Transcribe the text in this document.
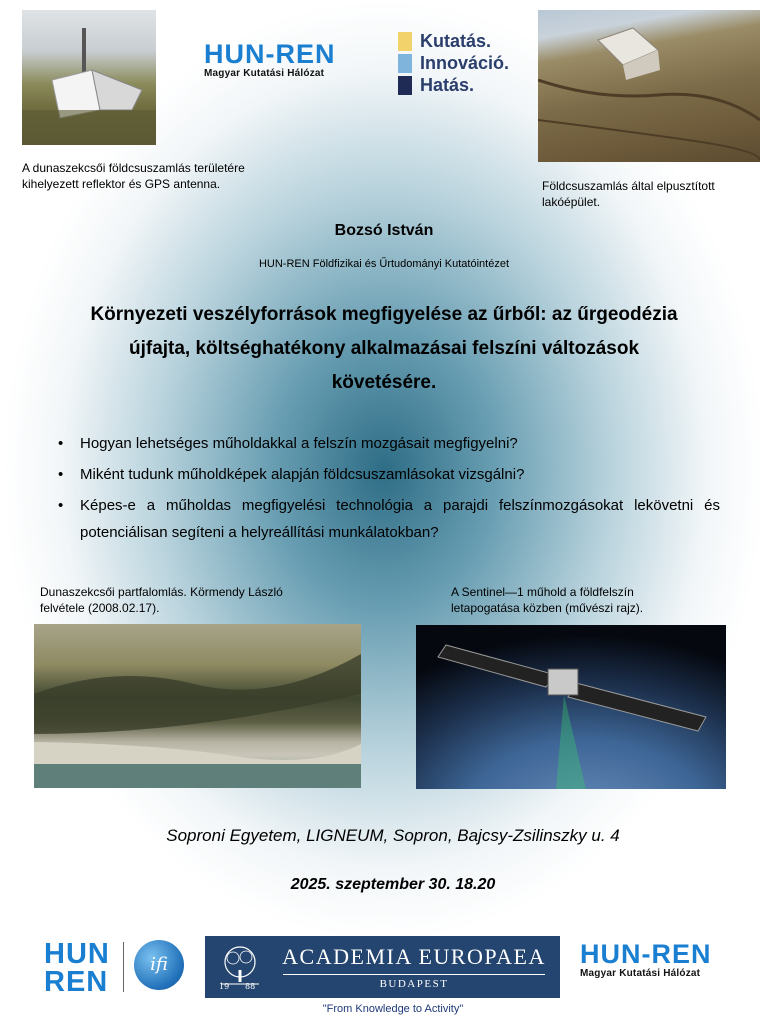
A dunaszekcsői földcsuszamlás területére kihelyezett reflektor és GPS antenna.
HUN-REN
Magyar Kutatási Hálózat
Kutatás.
Innováció.
Hatás.
Földcsuszamlás által elpusztított lakóépület.
Bozsó István
HUN-REN Földfizikai és Űrtudományi Kutatóintézet
Környezeti veszélyforrások megfigyelése az űrből: az űrgeodézia újfajta, költséghatékony alkalmazásai felszíni változások követésére.
• Hogyan lehetséges műholdakkal a felszín mozgásait megfigyelni?
• Miként tudunk műholdképek alapján földcsuszamlásokat vizsgálni?
• Képes-e a műholdas megfigyelési technológia a parajdi felszínmozgásokat lekövetni és potenciálisan segíteni a helyreállítási munkálatokban?
Dunaszekcsői partfalomlás. Körmendy László felvétele (2008.02.17).
A Sentinel—1 műhold a földfelszín letapogatása közben (művészi rajz).
Soproni Egyetem, LIGNEUM, Sopron, Bajcsy-Zsilinszky u. 4
2025. szeptember 30. 18.20
HUN
REN
ifi
19 88
ACADEMIA EUROPAEA
BUDAPEST
HUN-REN
Magyar Kutatási Hálózat
"From Knowledge to Activity"
